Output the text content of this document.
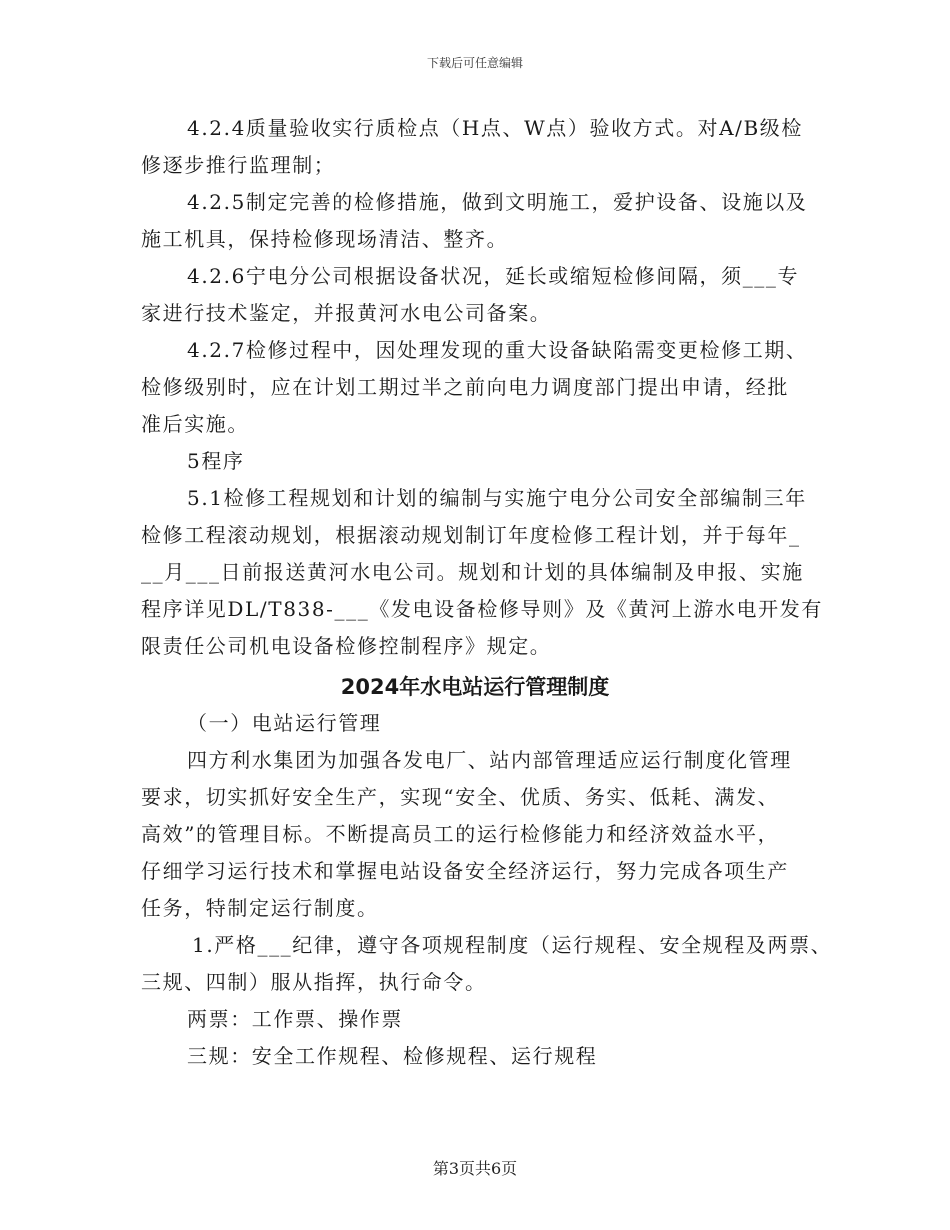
下载后可任意编辑
4.2.4质量验收实行质检点（H点、W点）验收方式。对A/B级检
修逐步推行监理制；
4.2.5制定完善的检修措施，做到文明施工，爱护设备、设施以及
施工机具，保持检修现场清洁、整齐。
4.2.6宁电分公司根据设备状况，延长或缩短检修间隔，须___专
家进行技术鉴定，并报黄河水电公司备案。
4.2.7检修过程中，因处理发现的重大设备缺陷需变更检修工期、
检修级别时，应在计划工期过半之前向电力调度部门提出申请，经批
准后实施。
5程序
5.1检修工程规划和计划的编制与实施宁电分公司安全部编制三年
检修工程滚动规划，根据滚动规划制订年度检修工程计划，并于每年_
__月___日前报送黄河水电公司。规划和计划的具体编制及申报、实施
程序详见DL/T838-___《发电设备检修导则》及《黄河上游水电开发有
限责任公司机电设备检修控制程序》规定。
2024年水电站运行管理制度
（一）电站运行管理
四方利水集团为加强各发电厂、站内部管理适应运行制度化管理
要求，切实抓好安全生产，实现“安全、优质、务实、低耗、满发、
高效”的管理目标。不断提高员工的运行检修能力和经济效益水平，
仔细学习运行技术和掌握电站设备安全经济运行，努力完成各项生产
任务，特制定运行制度。
1.严格___纪律，遵守各项规程制度（运行规程、安全规程及两票、
三规、四制）服从指挥，执行命令。
两票：工作票、操作票
三规：安全工作规程、检修规程、运行规程
第3页共6页
